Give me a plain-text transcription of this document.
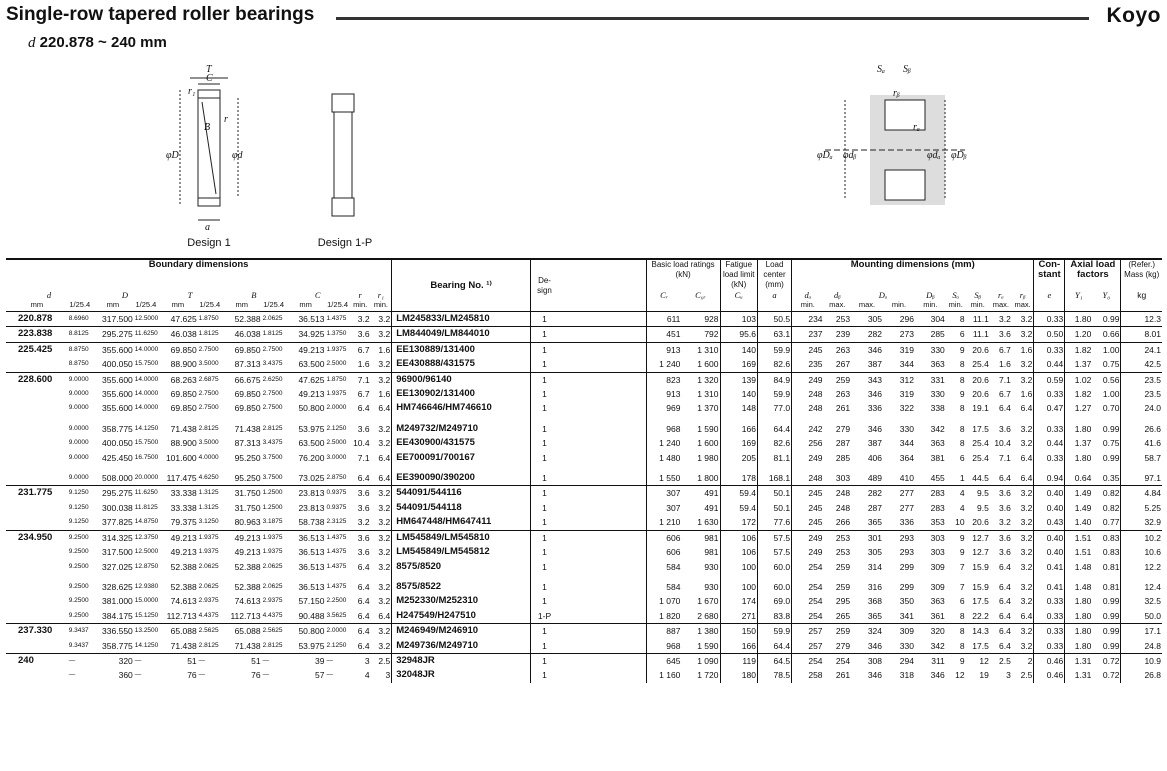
Single-row tapered roller bearings	Koyo
d 220.878 ~ 240 mm
T
C
r₁
r
B
φD	φd
a
Design 1	Design 1-P
Sₐ Sᵦ
rᵦ
rₐ
φDₐ φdᵦ	φdₐ φDᵦ
Boundary dimensions												Bearing No. ¹⁾	De-sign		Basic load ratings (kN)		Fatigue load limit (kN)	Load center (mm)	Mounting dimensions (mm)									Con-stant	Axial load factors		(Refer.) Mass (kg)
d		D		T		B		C		r	r₁				Cᵣ	C₀ᵣ	Cᵤ	a	dₐ	dᵦ	Dₐ		Dᵦ	Sₐ	Sᵦ	rₐ	rᵦ	e	Y₁	Y₀	kg
mm	1/25.4	mm	1/25.4	mm	1/25.4	mm	1/25.4	mm	1/25.4	min.	min.								min.	max.	max.	min.	min.	min.	min.	max.	max.				
220.878	8.6960	317.500	12.5000	47.625	1.8750	52.388	2.0625	36.513	1.4375	3.2	3.2	LM245833/LM245810	1		611	928	103	50.5	234	253	305	296	304	8	11.1	3.2	3.2	0.33	1.80	0.99	12.3
223.838	8.8125	295.275	11.6250	46.038	1.8125	46.038	1.8125	34.925	1.3750	3.6	3.2	LM844049/LM844010	1		451	792	95.6	63.1	237	239	282	273	285	6	11.1	3.6	3.2	0.50	1.20	0.66	8.01
225.425	8.8750	355.600	14.0000	69.850	2.7500	69.850	2.7500	49.213	1.9375	6.7	1.6	EE130889/131400	1		913	1 310	140	59.9	245	263	346	319	330	9	20.6	6.7	1.6	0.33	1.82	1.00	24.1
	8.8750	400.050	15.7500	88.900	3.5000	87.313	3.4375	63.500	2.5000	1.6	3.2	EE430888/431575	1		1 240	1 600	169	82.6	235	267	387	344	363	8	25.4	1.6	3.2	0.44	1.37	0.75	42.5
228.600	9.0000	355.600	14.0000	68.263	2.6875	66.675	2.6250	47.625	1.8750	7.1	3.2	96900/96140	1		823	1 320	139	84.9	249	259	343	312	331	8	20.6	7.1	3.2	0.59	1.02	0.56	23.5
	9.0000	355.600	14.0000	69.850	2.7500	69.850	2.7500	49.213	1.9375	6.7	1.6	EE130902/131400	1		913	1 310	140	59.9	248	263	346	319	330	9	20.6	6.7	1.6	0.33	1.82	1.00	23.5
	9.0000	355.600	14.0000	69.850	2.7500	69.850	2.7500	50.800	2.0000	6.4	6.4	HM746646/HM746610	1		969	1 370	148	77.0	248	261	336	322	338	8	19.1	6.4	6.4	0.47	1.27	0.70	24.0

	9.0000	358.775	14.1250	71.438	2.8125	71.438	2.8125	53.975	2.1250	3.6	3.2	M249732/M249710	1		968	1 590	166	64.4	242	279	346	330	342	8	17.5	3.6	3.2	0.33	1.80	0.99	26.6
	9.0000	400.050	15.7500	88.900	3.5000	87.313	3.4375	63.500	2.5000	10.4	3.2	EE430900/431575	1		1 240	1 600	169	82.6	256	287	387	344	363	8	25.4	10.4	3.2	0.44	1.37	0.75	41.6
	9.0000	425.450	16.7500	101.600	4.0000	95.250	3.7500	76.200	3.0000	7.1	6.4	EE700091/700167	1		1 480	1 980	205	81.1	249	285	406	364	381	6	25.4	7.1	6.4	0.33	1.80	0.99	58.7

	9.0000	508.000	20.0000	117.475	4.6250	95.250	3.7500	73.025	2.8750	6.4	6.4	EE390090/390200	1		1 550	1 800	178	168.1	248	303	489	410	455	1	44.5	6.4	6.4	0.94	0.64	0.35	97.1
231.775	9.1250	295.275	11.6250	33.338	1.3125	31.750	1.2500	23.813	0.9375	3.6	3.2	544091/544116	1		307	491	59.4	50.1	245	248	282	277	283	4	9.5	3.6	3.2	0.40	1.49	0.82	4.84
	9.1250	300.038	11.8125	33.338	1.3125	31.750	1.2500	23.813	0.9375	3.6	3.2	544091/544118	1		307	491	59.4	50.1	245	248	287	277	283	4	9.5	3.6	3.2	0.40	1.49	0.82	5.25
	9.1250	377.825	14.8750	79.375	3.1250	80.963	3.1875	58.738	2.3125	3.2	3.2	HM647448/HM647411	1		1 210	1 630	172	77.6	245	266	365	336	353	10	20.6	3.2	3.2	0.43	1.40	0.77	32.9
234.950	9.2500	314.325	12.3750	49.213	1.9375	49.213	1.9375	36.513	1.4375	3.6	3.2	LM545849/LM545810	1		606	981	106	57.5	249	253	301	293	303	9	12.7	3.6	3.2	0.40	1.51	0.83	10.2
	9.2500	317.500	12.5000	49.213	1.9375	49.213	1.9375	36.513	1.4375	3.6	3.2	LM545849/LM545812	1		606	981	106	57.5	249	253	305	293	303	9	12.7	3.6	3.2	0.40	1.51	0.83	10.6
	9.2500	327.025	12.8750	52.388	2.0625	52.388	2.0625	36.513	1.4375	6.4	3.2	8575/8520	1		584	930	100	60.0	254	259	314	299	309	7	15.9	6.4	3.2	0.41	1.48	0.81	12.2

	9.2500	328.625	12.9380	52.388	2.0625	52.388	2.0625	36.513	1.4375	6.4	3.2	8575/8522	1		584	930	100	60.0	254	259	316	299	309	7	15.9	6.4	3.2	0.41	1.48	0.81	12.4
	9.2500	381.000	15.0000	74.613	2.9375	74.613	2.9375	57.150	2.2500	6.4	3.2	M252330/M252310	1		1 070	1 670	174	69.0	254	295	368	350	363	6	17.5	6.4	3.2	0.33	1.80	0.99	32.5
	9.2500	384.175	15.1250	112.713	4.4375	112.713	4.4375	90.488	3.5625	6.4	6.4	H247549/H247510	1-P		1 820	2 680	271	83.8	254	265	365	341	361	8	22.2	6.4	6.4	0.33	1.80	0.99	50.0
237.330	9.3437	336.550	13.2500	65.088	2.5625	65.088	2.5625	50.800	2.0000	6.4	3.2	M246949/M246910	1		887	1 380	150	59.9	257	259	324	309	320	8	14.3	6.4	3.2	0.33	1.80	0.99	17.1
	9.3437	358.775	14.1250	71.438	2.8125	71.438	2.8125	53.975	2.1250	6.4	3.2	M249736/M249710	1		968	1 590	166	64.4	257	279	346	330	342	8	17.5	6.4	3.2	0.33	1.80	0.99	24.8
240	—	320	—	51	—	51	—	39	—	3	2.5	32948JR	1		645	1 090	119	64.5	254	254	308	294	311	9	12	2.5	2	0.46	1.31	0.72	10.9
	—	360	—	76	—	76	—	57	—	4	3	32048JR	1		1 160	1 720	180	78.5	258	261	346	318	346	12	19	3	2.5	0.46	1.31	0.72	26.8
